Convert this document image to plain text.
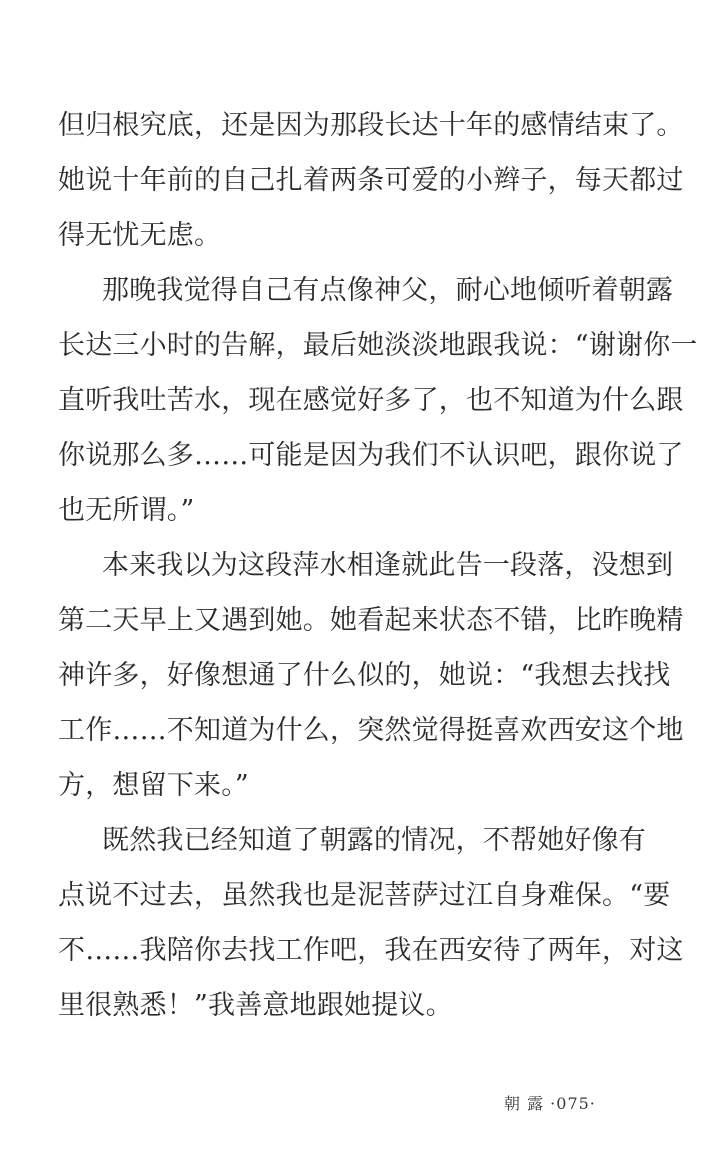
但归根究底，还是因为那段长达十年的感情结束了。
她说十年前的自己扎着两条可爱的小辫子，每天都过
得无忧无虑。
那晚我觉得自己有点像神父，耐心地倾听着朝露
长达三小时的告解，最后她淡淡地跟我说：“谢谢你一
直听我吐苦水，现在感觉好多了，也不知道为什么跟
你说那么多……可能是因为我们不认识吧，跟你说了
也无所谓。”
本来我以为这段萍水相逢就此告一段落，没想到
第二天早上又遇到她。她看起来状态不错，比昨晚精
神许多，好像想通了什么似的，她说：“我想去找找
工作……不知道为什么，突然觉得挺喜欢西安这个地
方，想留下来。”
既然我已经知道了朝露的情况，不帮她好像有
点说不过去，虽然我也是泥菩萨过江自身难保。“要
不……我陪你去找工作吧，我在西安待了两年，对这
里很熟悉！”我善意地跟她提议。
朝 露 ·075·
